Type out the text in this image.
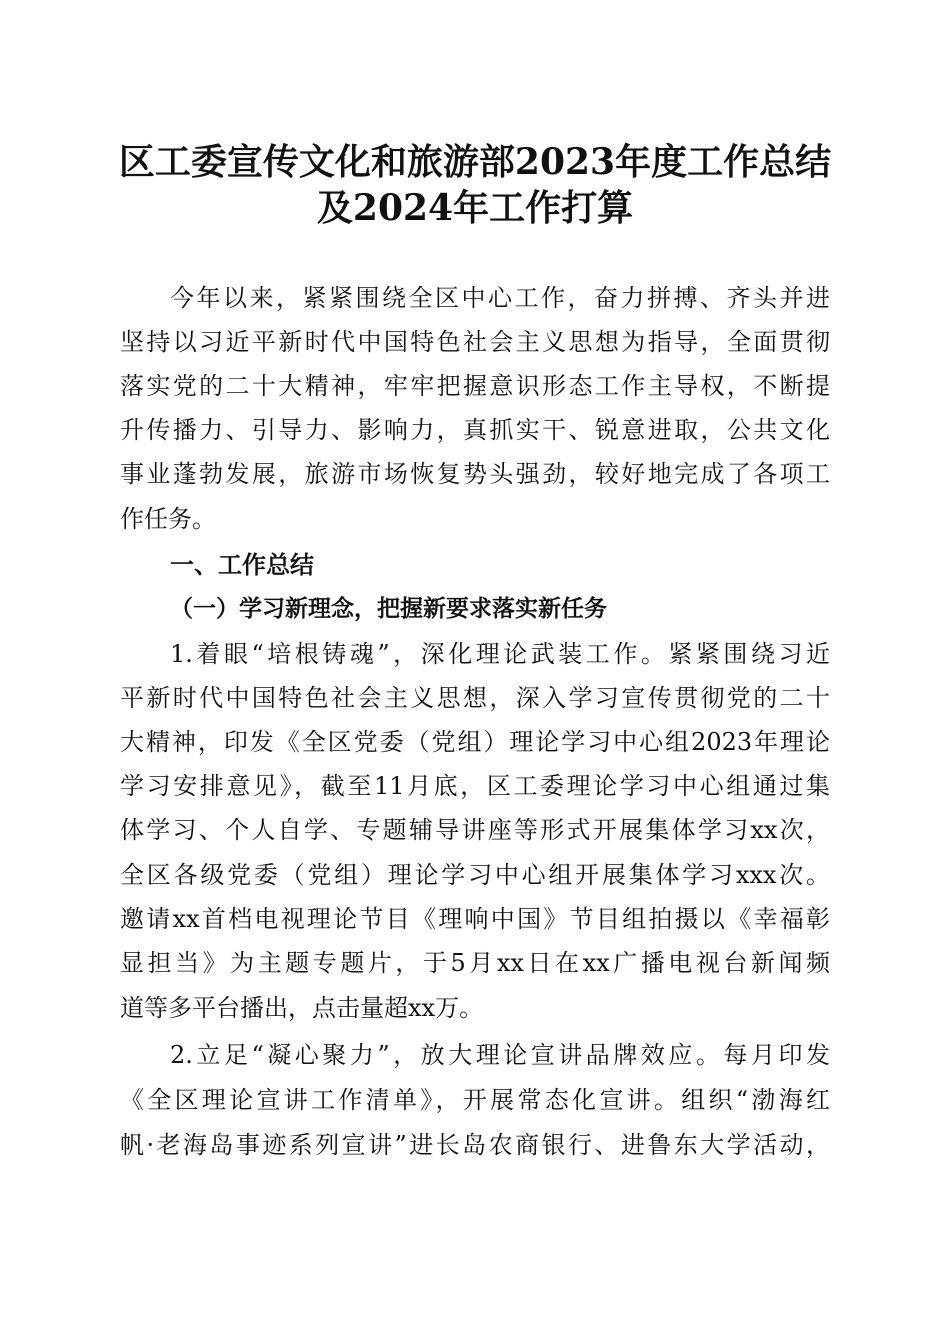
区工委宣传文化和旅游部2023年度工作总结
及2024年工作打算
今年以来，紧紧围绕全区中心工作，奋力拼搏、齐头并进
坚持以习近平新时代中国特色社会主义思想为指导，全面贯彻
落实党的二十大精神，牢牢把握意识形态工作主导权，不断提
升传播力、引导力、影响力，真抓实干、锐意进取，公共文化
事业蓬勃发展，旅游市场恢复势头强劲，较好地完成了各项工
作任务。
一、工作总结
（一）学习新理念，把握新要求落实新任务
1.着眼“培根铸魂”，深化理论武装工作。紧紧围绕习近
平新时代中国特色社会主义思想，深入学习宣传贯彻党的二十
大精神，印发《全区党委（党组）理论学习中心组2023年理论
学习安排意见》，截至11月底，区工委理论学习中心组通过集
体学习、个人自学、专题辅导讲座等形式开展集体学习xx次，
全区各级党委（党组）理论学习中心组开展集体学习xxx次。
邀请xx首档电视理论节目《理响中国》节目组拍摄以《幸福彰
显担当》为主题专题片，于5月xx日在xx广播电视台新闻频
道等多平台播出，点击量超xx万。
2.立足“凝心聚力”，放大理论宣讲品牌效应。每月印发
《全区理论宣讲工作清单》，开展常态化宣讲。组织“渤海红
帆·老海岛事迹系列宣讲”进长岛农商银行、进鲁东大学活动，
